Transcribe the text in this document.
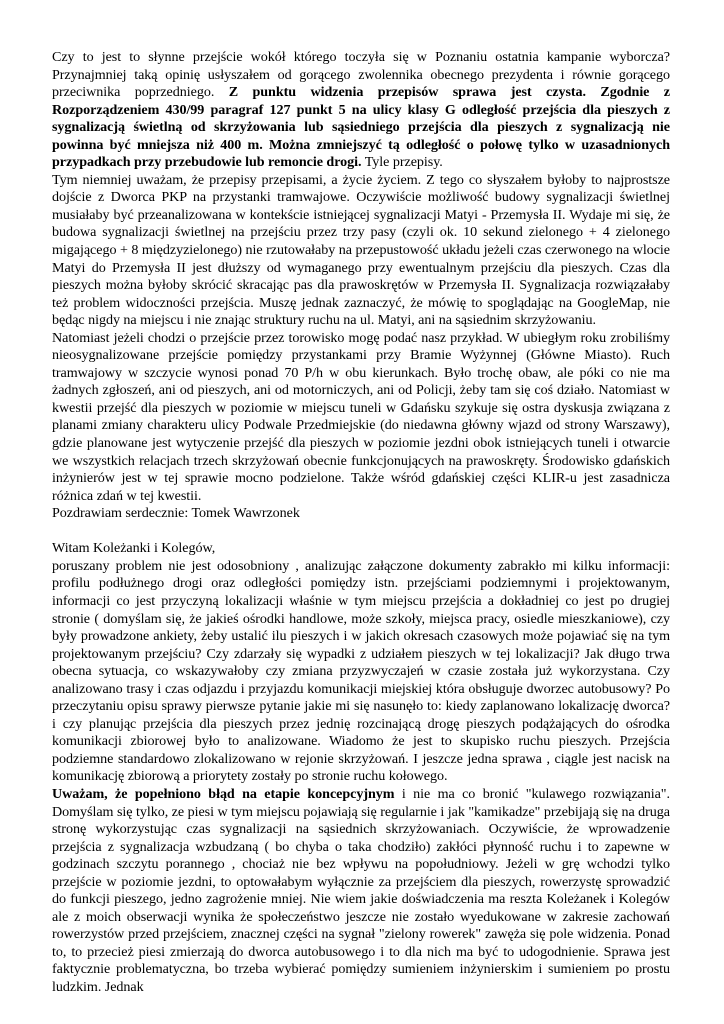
Czy to jest to słynne przejście wokół którego toczyła się w Poznaniu ostatnia kampanie wyborcza? Przynajmniej taką opinię usłyszałem od gorącego zwolennika obecnego prezydenta i równie gorącego przeciwnika poprzedniego. Z punktu widzenia przepisów sprawa jest czysta. Zgodnie z Rozporządzeniem 430/99 paragraf 127 punkt 5 na ulicy klasy G odległość przejścia dla pieszych z sygnalizacją świetlną od skrzyżowania lub sąsiedniego przejścia dla pieszych z sygnalizacją nie powinna być mniejsza niż 400 m. Można zmniejszyć tą odległość o połowę tylko w uzasadnionych przypadkach przy przebudowie lub remoncie drogi. Tyle przepisy.

Tym niemniej uważam, że przepisy przepisami, a życie życiem. Z tego co słyszałem byłoby to najprostsze dojście z Dworca PKP na przystanki tramwajowe. Oczywiście możliwość budowy sygnalizacji świetlnej musiałaby być przeanalizowana w kontekście istniejącej sygnalizacji Matyi - Przemysła II. Wydaje mi się, że budowa sygnalizacji świetlnej na przejściu przez trzy pasy (czyli ok. 10 sekund zielonego + 4 zielonego migającego + 8 międzyzielonego) nie rzutowałaby na przepustowość układu jeżeli czas czerwonego na wlocie Matyi do Przemysła II jest dłuższy od wymaganego przy ewentualnym przejściu dla pieszych. Czas dla pieszych można byłoby skrócić skracając pas dla prawoskrętów w Przemysła II. Sygnalizacja rozwiązałaby też problem widoczności przejścia. Muszę jednak zaznaczyć, że mówię to spoglądając na GoogleMap, nie będąc nigdy na miejscu i nie znając struktury ruchu na ul. Matyi, ani na sąsiednim skrzyżowaniu.

Natomiast jeżeli chodzi o przejście przez torowisko mogę podać nasz przykład. W ubiegłym roku zrobiliśmy nieosygnalizowane przejście pomiędzy przystankami przy Bramie Wyżynnej (Główne Miasto). Ruch tramwajowy w szczycie wynosi ponad 70 P/h w obu kierunkach. Było trochę obaw, ale póki co nie ma żadnych zgłoszeń, ani od pieszych, ani od motorniczych, ani od Policji, żeby tam się coś działo. Natomiast w kwestii przejść dla pieszych w poziomie w miejscu tuneli w Gdańsku szykuje się ostra dyskusja związana z planami zmiany charakteru ulicy Podwale Przedmiejskie (do niedawna główny wjazd od strony Warszawy), gdzie planowane jest wytyczenie przejść dla pieszych w poziomie jezdni obok istniejących tuneli i otwarcie we wszystkich relacjach trzech skrzyżowań obecnie funkcjonujących na prawoskręty. Środowisko gdańskich inżynierów jest w tej sprawie mocno podzielone. Także wśród gdańskiej części KLIR-u jest zasadnicza różnica zdań w tej kwestii.

Pozdrawiam serdecznie: Tomek Wawrzonek

Witam Koleżanki i Kolegów,

poruszany problem nie jest odosobniony , analizując załączone dokumenty zabrakło mi kilku informacji: profilu podłużnego drogi oraz odległości pomiędzy istn. przejściami podziemnymi i projektowanym, informacji co jest przyczyną lokalizacji właśnie w tym miejscu przejścia a dokładniej co jest po drugiej stronie ( domyślam się, że jakieś ośrodki handlowe, może szkoły, miejsca pracy, osiedle mieszkaniowe), czy były prowadzone ankiety, żeby ustalić ilu pieszych i w jakich okresach czasowych może pojawiać się na tym projektowanym przejściu? Czy zdarzały się wypadki z udziałem pieszych w tej lokalizacji? Jak długo trwa obecna sytuacja, co wskazywałoby czy zmiana przyzwyczajeń w czasie została już wykorzystana. Czy analizowano trasy i czas odjazdu i przyjazdu komunikacji miejskiej która obsługuje dworzec autobusowy? Po przeczytaniu opisu sprawy pierwsze pytanie jakie mi się nasunęło to: kiedy zaplanowano lokalizację dworca? i czy planując przejścia dla pieszych przez jednię rozcinającą drogę pieszych podążających do ośrodka komunikacji zbiorowej było to analizowane. Wiadomo że jest to skupisko ruchu pieszych. Przejścia podziemne standardowo zlokalizowano w rejonie skrzyżowań. I jeszcze jedna sprawa , ciągle jest nacisk na komunikację zbiorową a priorytety zostały po stronie ruchu kołowego.

Uważam, że popełniono błąd na etapie koncepcyjnym i nie ma co bronić "kulawego rozwiązania". Domyślam się tylko, ze piesi w tym miejscu pojawiają się regularnie i jak "kamikadze" przebijają się na druga stronę wykorzystując czas sygnalizacji na sąsiednich skrzyżowaniach. Oczywiście, że wprowadzenie przejścia z sygnalizacja wzbudzaną ( bo chyba o taka chodziło) zakłóci płynność ruchu i to zapewne w godzinach szczytu porannego , chociaż nie bez wpływu na popołudniowy. Jeżeli w grę wchodzi tylko przejście w poziomie jezdni, to optowałabym wyłącznie za przejściem dla pieszych, rowerzystę sprowadzić do funkcji pieszego, jedno zagrożenie mniej. Nie wiem jakie doświadczenia ma reszta Koleżanek i Kolegów ale z moich obserwacji wynika że społeczeństwo jeszcze nie zostało wyedukowane w zakresie zachowań rowerzystów przed przejściem, znacznej części na sygnał "zielony rowerek" zawęża się pole widzenia. Ponad to, to przecież piesi zmierzają do dworca autobusowego i to dla nich ma być to udogodnienie. Sprawa jest faktycznie problematyczna, bo trzeba wybierać pomiędzy sumieniem inżynierskim i sumieniem po prostu ludzkim. Jednak
